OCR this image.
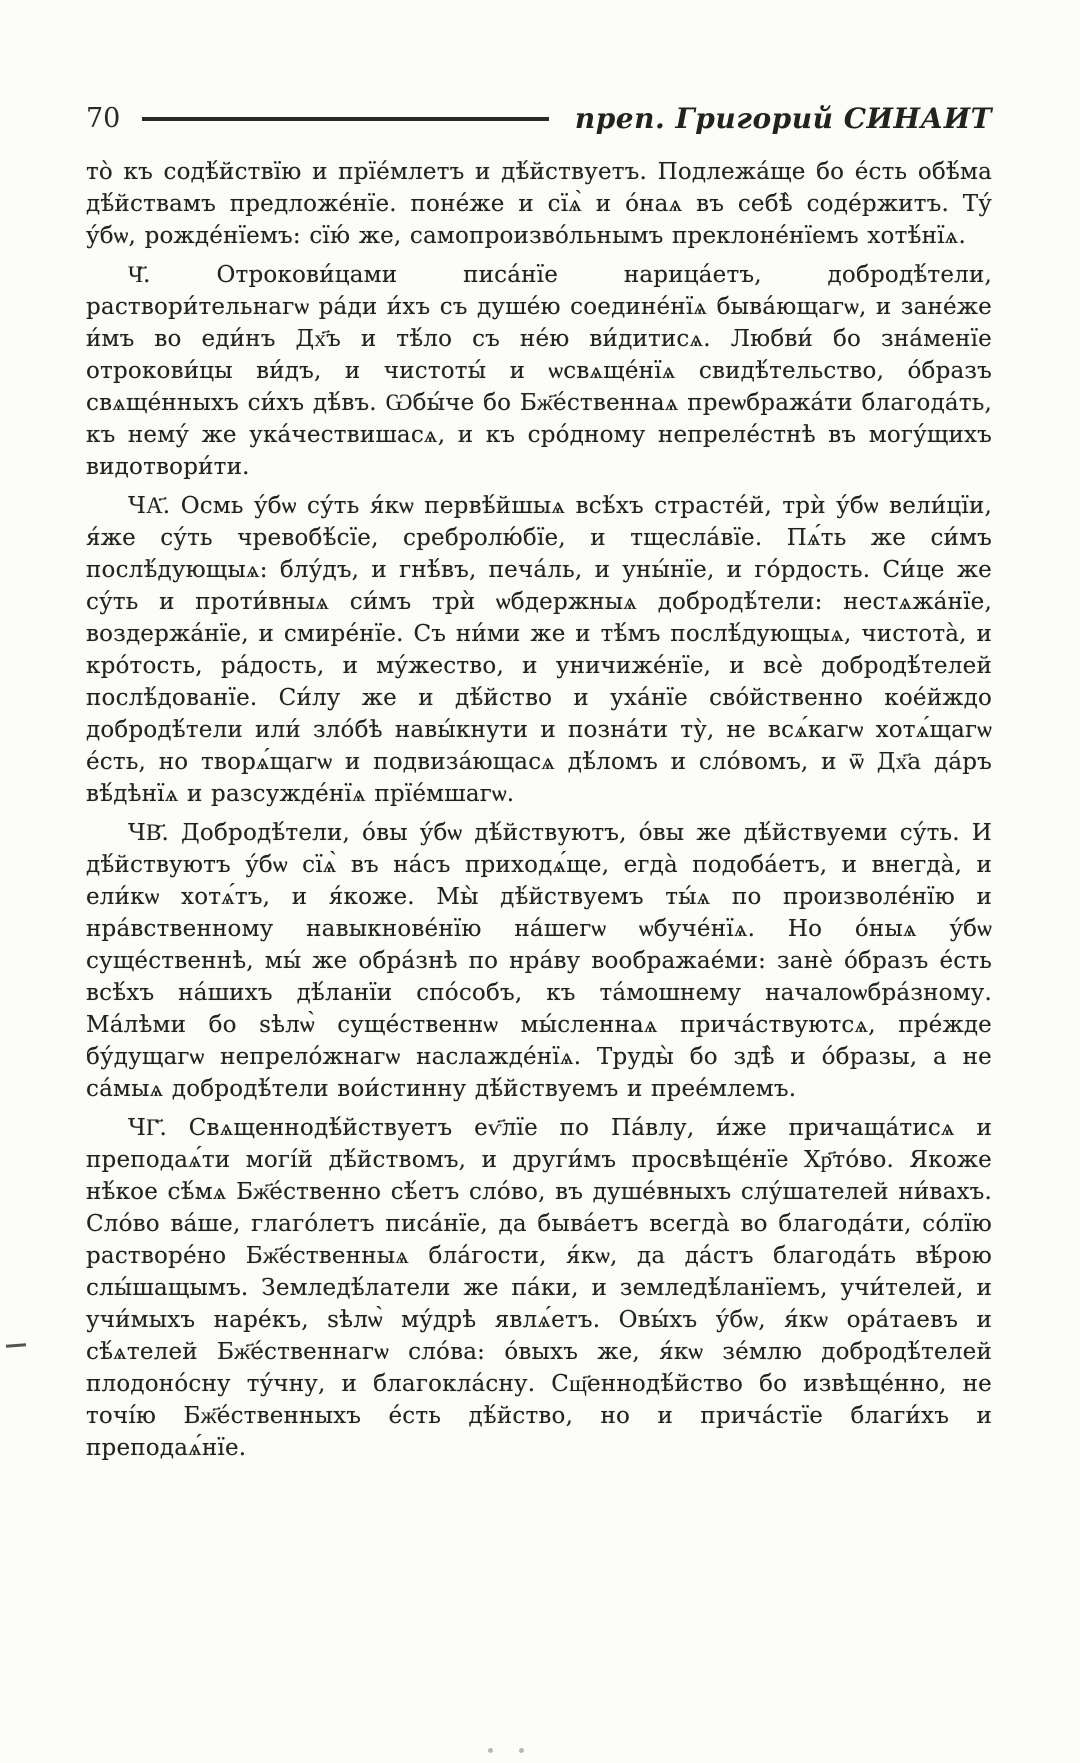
70	преп. Григорий СИНАИТ

то̀ къ содѣ́йствїю и прїе́млетъ и дѣ́йствуетъ. Подлежа́ще бо е́сть обѣ́ма дѣ́йствамъ предложе́нїе. поне́же и сїѧ̀ и о́наѧ въ себѣ̀ соде́ржитъ. Ту́ у́бѡ, рожде́нїемъ: сїю́ же, самопроизво́льнымъ преклоне́нїемъ хотѣ́нїѧ.

Ч҃. Отрокови́цами писа́нїе нарица́етъ, добродѣ́тели, раствори́тельнагѡ ра́ди и́хъ съ душе́ю соедине́нїѧ быва́ющагѡ, и зане́же и́мъ во еди́нъ Дх҃ъ и тѣ́ло съ не́ю ви́дитисѧ. Любви́ бо зна́менїе отрокови́цы ви́дъ, и чистоты́ и ѡсвѧще́нїѧ свидѣ́тельство, о́бразъ свѧще́нныхъ си́хъ дѣ́въ. Ѡбы́че бо Бж҃е́ственнаѧ преѡбража́ти благода́ть, къ нему́ же ука́чествишасѧ, и къ сро́дному непреле́стнѣ въ могу́щихъ видотвори́ти.

ЧА҃. Осмь у́бѡ су́ть я́кѡ первѣ́йшыѧ всѣ́хъ страсте́й, трѝ у́бѡ вели́цїи, я́же су́ть чревобѣ́сїе, сребролю́бїе, и тщесла́вїе. Пѧ́ть же си́мъ послѣ́дующыѧ: блу́дъ, и гнѣ́въ, печа́ль, и уны́нїе, и го́рдость. Си́це же су́ть и проти́вныѧ си́мъ трѝ ѡбдержныѧ добродѣ́тели: нестѧжа́нїе, воздержа́нїе, и смире́нїе. Съ ни́ми же и тѣ́мъ послѣ́дующыѧ, чистота̀, и кро́тость, ра́дость, и му́жество, и уничиже́нїе, и всѐ добродѣ́телей послѣ́дованїе. Си́лу же и дѣ́йство и уха́нїе сво́йственно кое́йждо добродѣ́тели или́ зло́бѣ навы́кнути и позна́ти ту̀, не всѧ́кагѡ хотѧ́щагѡ е́сть, но творѧ́щагѡ и подвиза́ющасѧ дѣ́ломъ и сло́вомъ, и ѿ Дх҃а да́ръ вѣ́дѣнїѧ и разсужде́нїѧ прїе́мшагѡ.

ЧВ҃. Добродѣ́тели, о́вы у́бѡ дѣ́йствуютъ, о́вы же дѣ́йствуеми су́ть. И дѣ́йствуютъ у́бѡ сїѧ̀ въ на́съ приходѧ́ще, егда̀ подоба́етъ, и внегда̀, и ели́кѡ хотѧ́тъ, и я́коже. Мы̀ дѣ́йствуемъ ты́ѧ по произволе́нїю и нра́вственному навыкнове́нїю на́шегѡ ѡбуче́нїѧ. Но о́ныѧ у́бѡ суще́ственнѣ, мы́ же обра́знѣ по нра́ву воображае́ми: занѐ о́бразъ е́сть всѣ́хъ на́шихъ дѣ́ланїи спо́собъ, къ та́мошнему началоѡбра́зному. Ма́лѣми бо ѕѣлѡ̀ суще́ственнѡ мы́сленнаѧ прича́ствуютсѧ, пре́жде бу́дущагѡ непрело́жнагѡ наслажде́нїѧ. Труды̀ бо здѣ̀ и о́бразы, а не са́мыѧ добродѣ́тели вои́стинну дѣ́йствуемъ и прее́млемъ.

ЧГ҃. Свѧщеннодѣ́йствуетъ еѵ҃лїе по Па́влу, и́же причаща́тисѧ и преподаѧ́ти могі́й дѣ́йствомъ, и други́мъ просвѣще́нїе Хр҃то́во. Якоже нѣ́кое сѣ́мѧ Бж҃е́ственно сѣ́етъ сло́во, въ душе́вныхъ слу́шателей ни́вахъ. Сло́во ва́ше, глаго́летъ писа́нїе, да быва́етъ всегда̀ во благода́ти, со́лїю растворе́но Бж҃е́ственныѧ бла́гости, я́кѡ, да да́стъ благода́ть вѣ́рою слы́шащымъ. Земледѣ́латели же па́ки, и земледѣ́ланїемъ, учи́телей, и учи́мыхъ наре́къ, ѕѣлѡ̀ му́дрѣ явлѧ́етъ. Овы́хъ у́бѡ, я́кѡ ора́таевъ и сѣ́ѧтелей Бж҃е́ственнагѡ сло́ва: о́выхъ же, я́кѡ зе́млю добродѣ́телей плодоно́сну ту́чну, и благокла́сну. Сщ҃еннодѣ́йство бо извѣще́нно, не точі́ю Бж҃е́ственныхъ е́сть дѣ́йство, но и прича́стїе благи́хъ и преподаѧ́нїе.
